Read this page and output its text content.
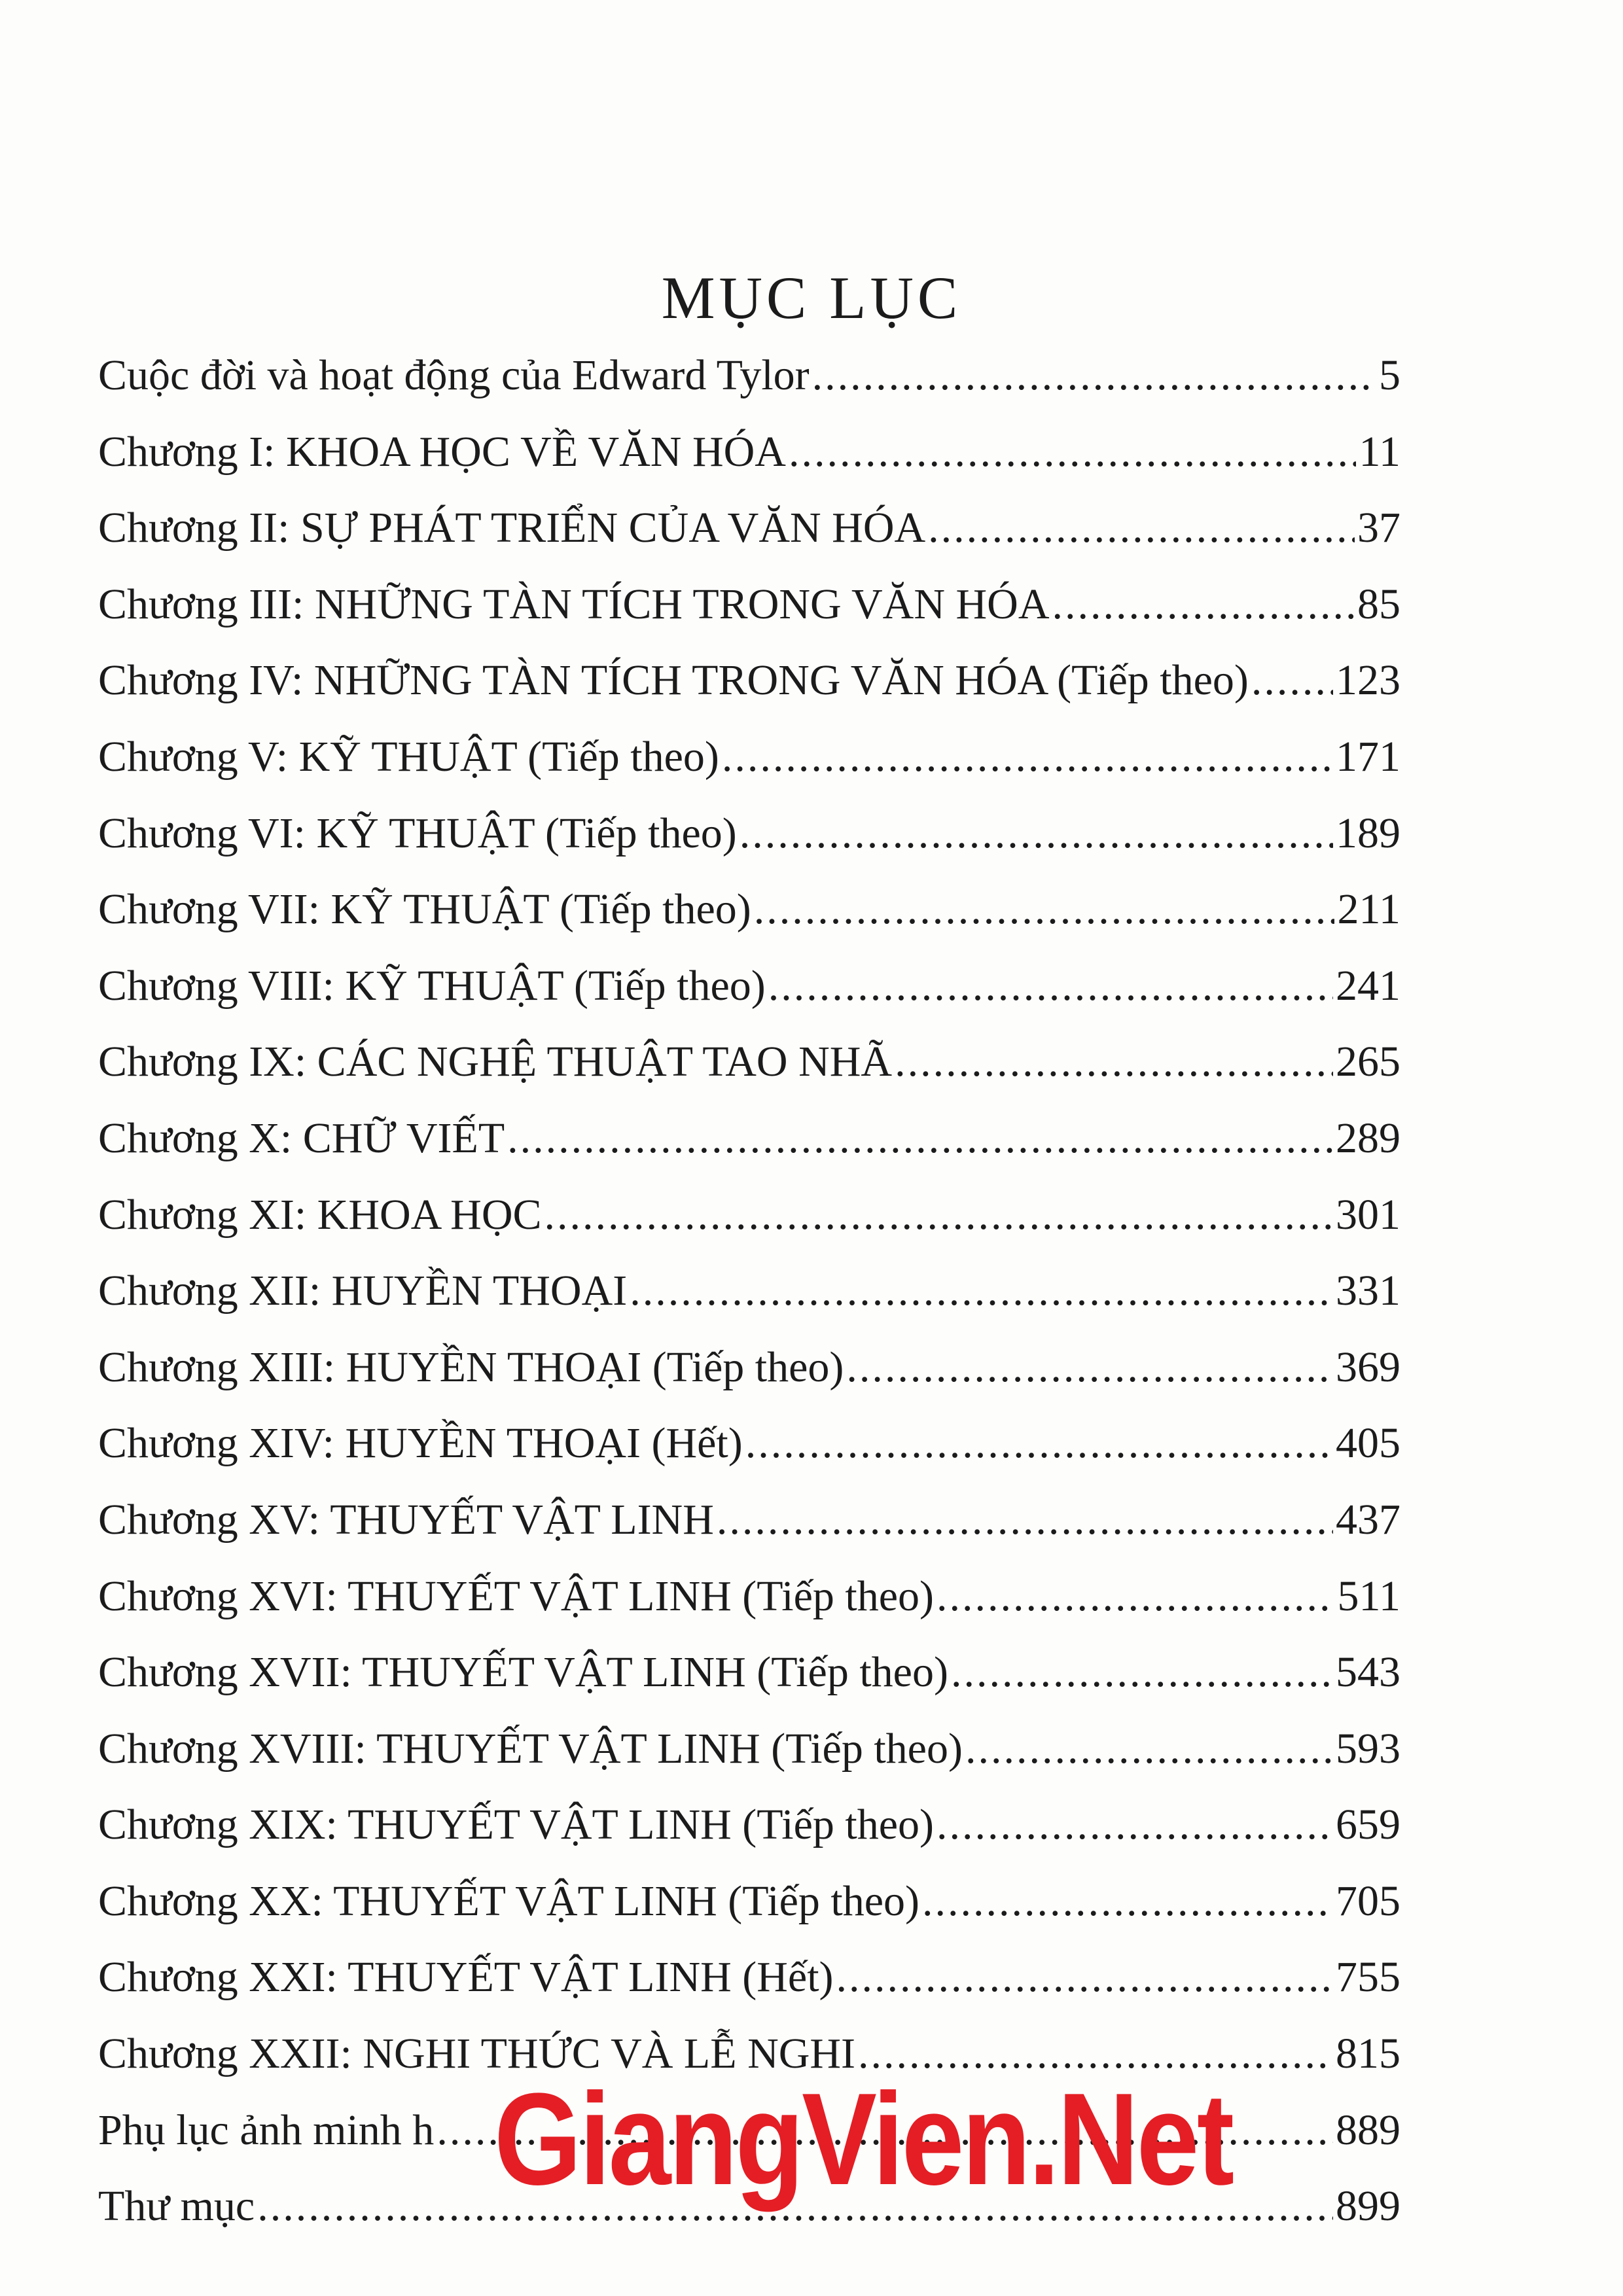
MỤC LỤC
Cuộc đời và hoạt động của Edward Tylor .....	5
Chương I: KHOA HỌC VỀ VĂN HÓA .....	11
Chương II: SỰ PHÁT TRIỂN CỦA VĂN HÓA .....	37
Chương III: NHỮNG TÀN TÍCH TRONG VĂN HÓA .....	85
Chương IV: NHỮNG TÀN TÍCH TRONG VĂN HÓA (Tiếp theo) ..... 123
Chương V: KỸ THUẬT (Tiếp theo) .....	171
Chương VI: KỸ THUẬT (Tiếp theo) .....	189
Chương VII: KỸ THUẬT (Tiếp theo) .....	211
Chương VIII: KỸ THUẬT (Tiếp theo) .....	241
Chương IX: CÁC NGHỆ THUẬT TAO NHÃ .....	265
Chương X: CHỮ VIẾT .....	289
Chương XI: KHOA HỌC .....	301
Chương XII: HUYỀN THOẠI .....	331
Chương XIII: HUYỀN THOẠI (Tiếp theo) .....	369
Chương XIV: HUYỀN THOẠI (Hết) .....	405
Chương XV: THUYẾT VẬT LINH .....	437
Chương XVI: THUYẾT VẬT LINH (Tiếp theo) .....	511
Chương XVII: THUYẾT VẬT LINH (Tiếp theo) .....	543
Chương XVIII: THUYẾT VẬT LINH (Tiếp theo) .....	593
Chương XIX: THUYẾT VẬT LINH (Tiếp theo) .....	659
Chương XX: THUYẾT VẬT LINH (Tiếp theo) .....	705
Chương XXI: THUYẾT VẬT LINH (Hết) .....	755
Chương XXII: NGHI THỨC VÀ LỄ NGHI .....	815
Phụ lục ảnh minh h .....	889
Thư mục .....	899
GiangVien.Net
